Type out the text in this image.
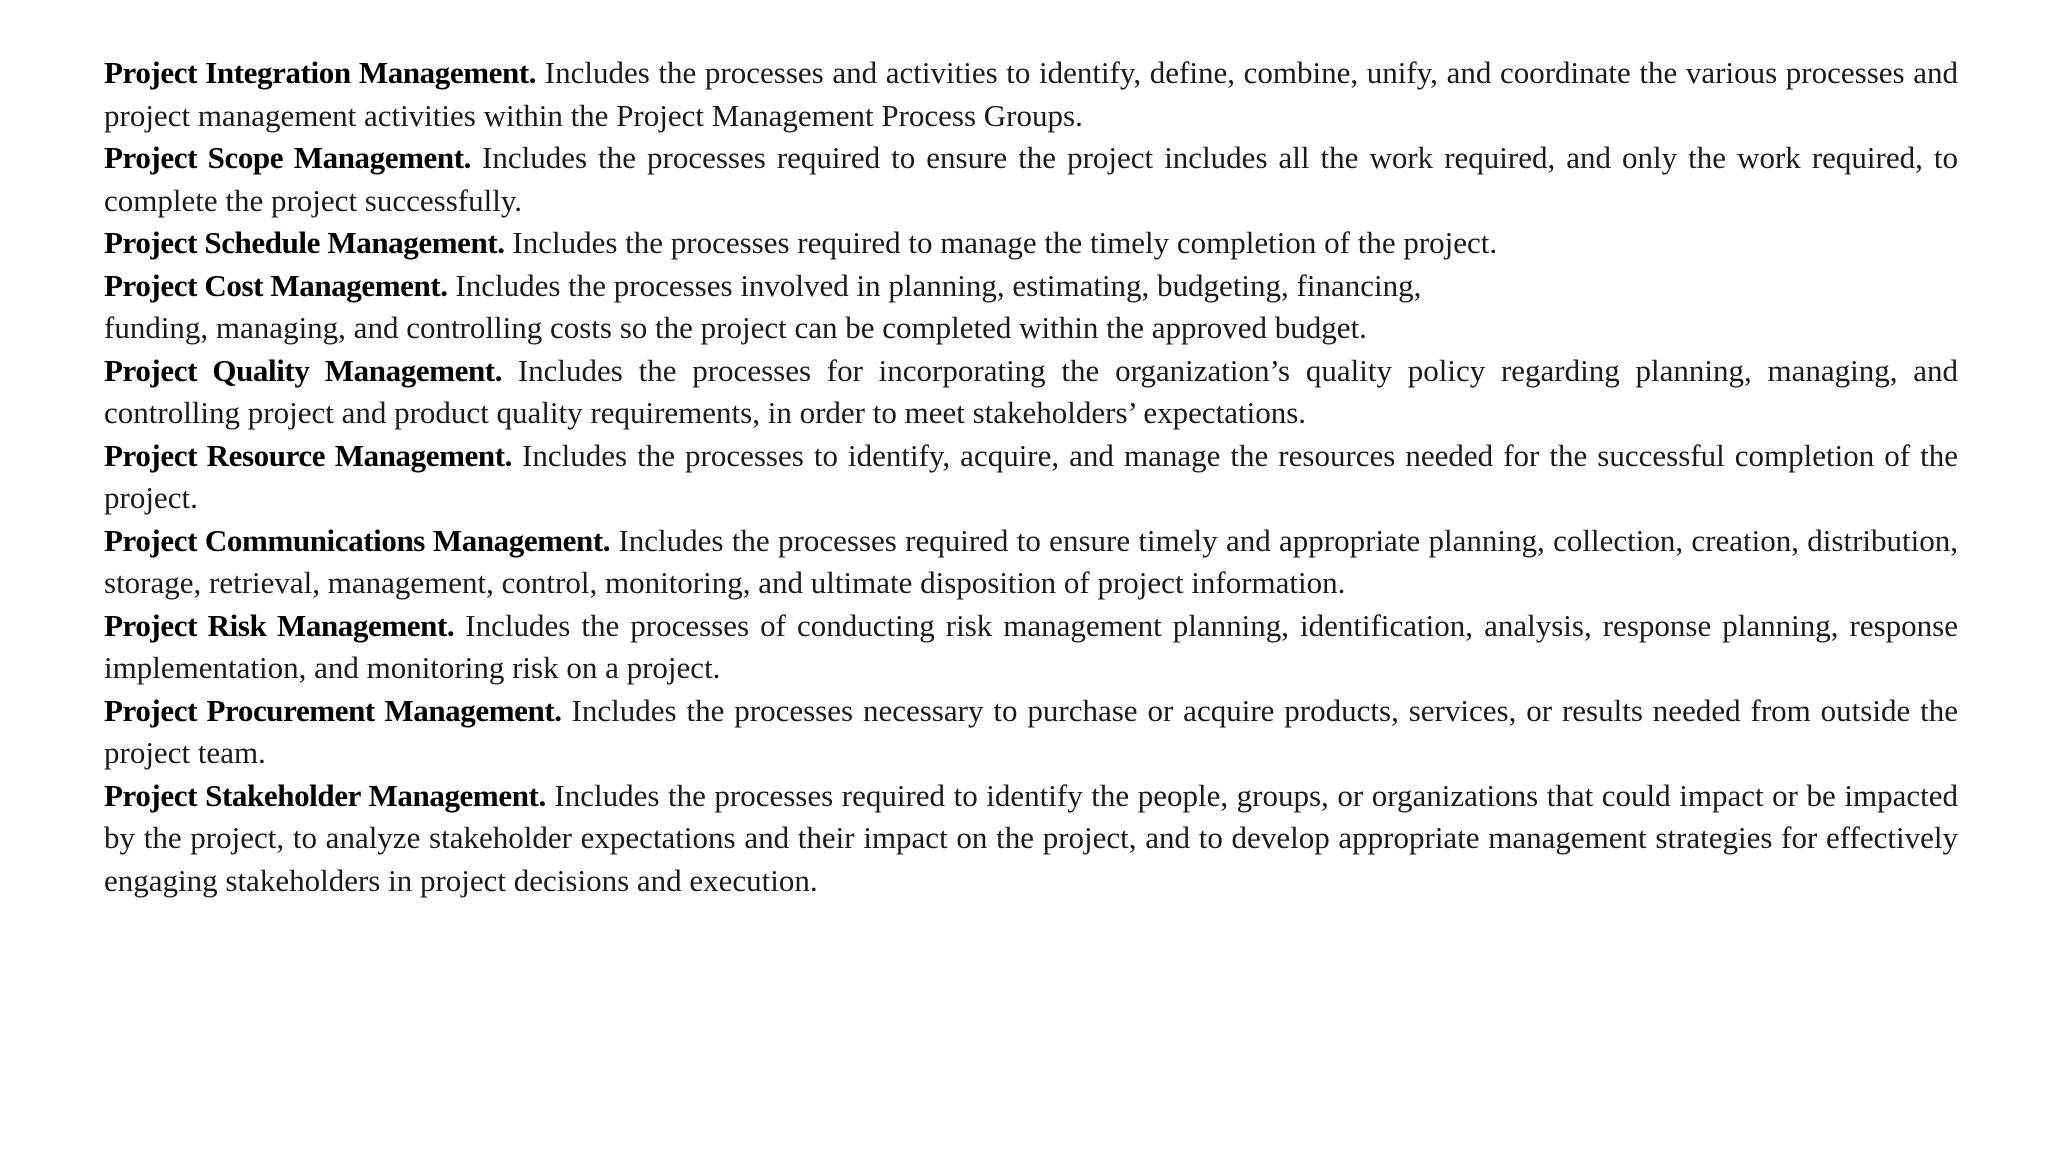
Project Integration Management. Includes the processes and activities to identify, define, combine, unify, and coordinate the various processes and project management activities within the Project Management Process Groups.

Project Scope Management. Includes the processes required to ensure the project includes all the work required, and only the work required, to complete the project successfully.

Project Schedule Management. Includes the processes required to manage the timely completion of the project.

Project Cost Management. Includes the processes involved in planning, estimating, budgeting, financing,
funding, managing, and controlling costs so the project can be completed within the approved budget.

Project Quality Management. Includes the processes for incorporating the organization’s quality policy regarding planning, managing, and controlling project and product quality requirements, in order to meet stakeholders’ expectations.

Project Resource Management. Includes the processes to identify, acquire, and manage the resources needed for the successful completion of the project.

Project Communications Management. Includes the processes required to ensure timely and appropriate planning, collection, creation, distribution, storage, retrieval, management, control, monitoring, and ultimate disposition of project information.

Project Risk Management. Includes the processes of conducting risk management planning, identification, analysis, response planning, response implementation, and monitoring risk on a project.

Project Procurement Management. Includes the processes necessary to purchase or acquire products, services, or results needed from outside the project team.

Project Stakeholder Management. Includes the processes required to identify the people, groups, or organizations that could impact or be impacted by the project, to analyze stakeholder expectations and their impact on the project, and to develop appropriate management strategies for effectively engaging stakeholders in project decisions and execution.
